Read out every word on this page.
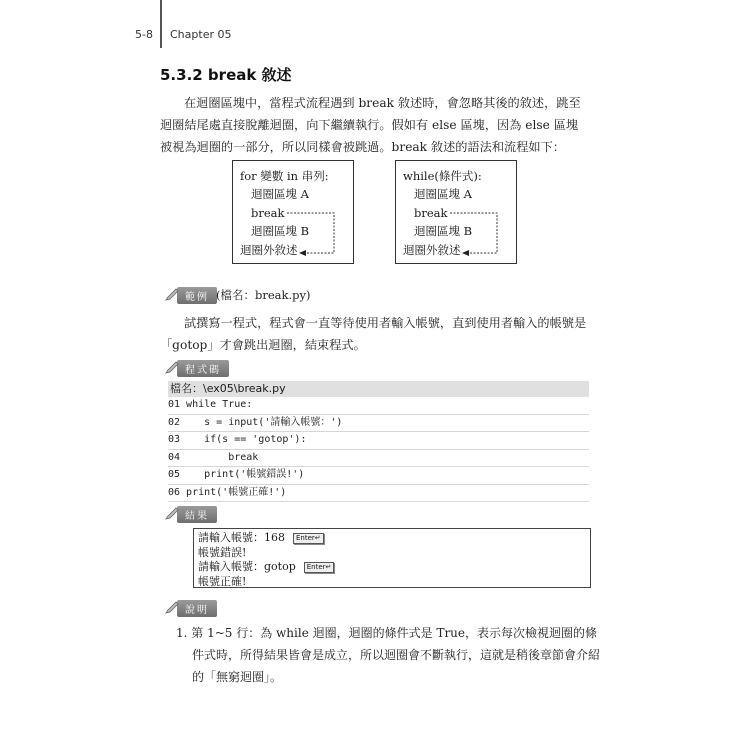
5-8 Chapter 05
5.3.2 break 敘述
在迴圈區塊中，當程式流程遇到 break 敘述時，會忽略其後的敘述，跳至迴圈結尾處直接脫離迴圈，向下繼續執行。假如有 else 區塊，因為 else 區塊被視為迴圈的一部分，所以同樣會被跳過。break 敘述的語法和流程如下：
for 變數 in 串列:
迴圈區塊 A
break
迴圈區塊 B
迴圈外敘述
while(條件式):
迴圈區塊 A
break
迴圈區塊 B
迴圈外敘述
範例 (檔名：break.py)
試撰寫一程式，程式會一直等待使用者輸入帳號，直到使用者輸入的帳號是「gotop」才會跳出迴圈，結束程式。
程式碼
檔名：\ex05\break.py
01 while True:
02    s = input('請輸入帳號：')
03    if(s == 'gotop'):
04        break
05    print('帳號錯誤!')
06 print('帳號正確!')
結果
請輸入帳號：168	Enter↵
帳號錯誤!
請輸入帳號：gotop	Enter↵
帳號正確!
說明
1. 第 1~5 行：為 while 迴圈，迴圈的條件式是 True，表示每次檢視迴圈的條件式時，所得結果皆會是成立，所以迴圈會不斷執行，這就是稍後章節會介紹的「無窮迴圈」。
